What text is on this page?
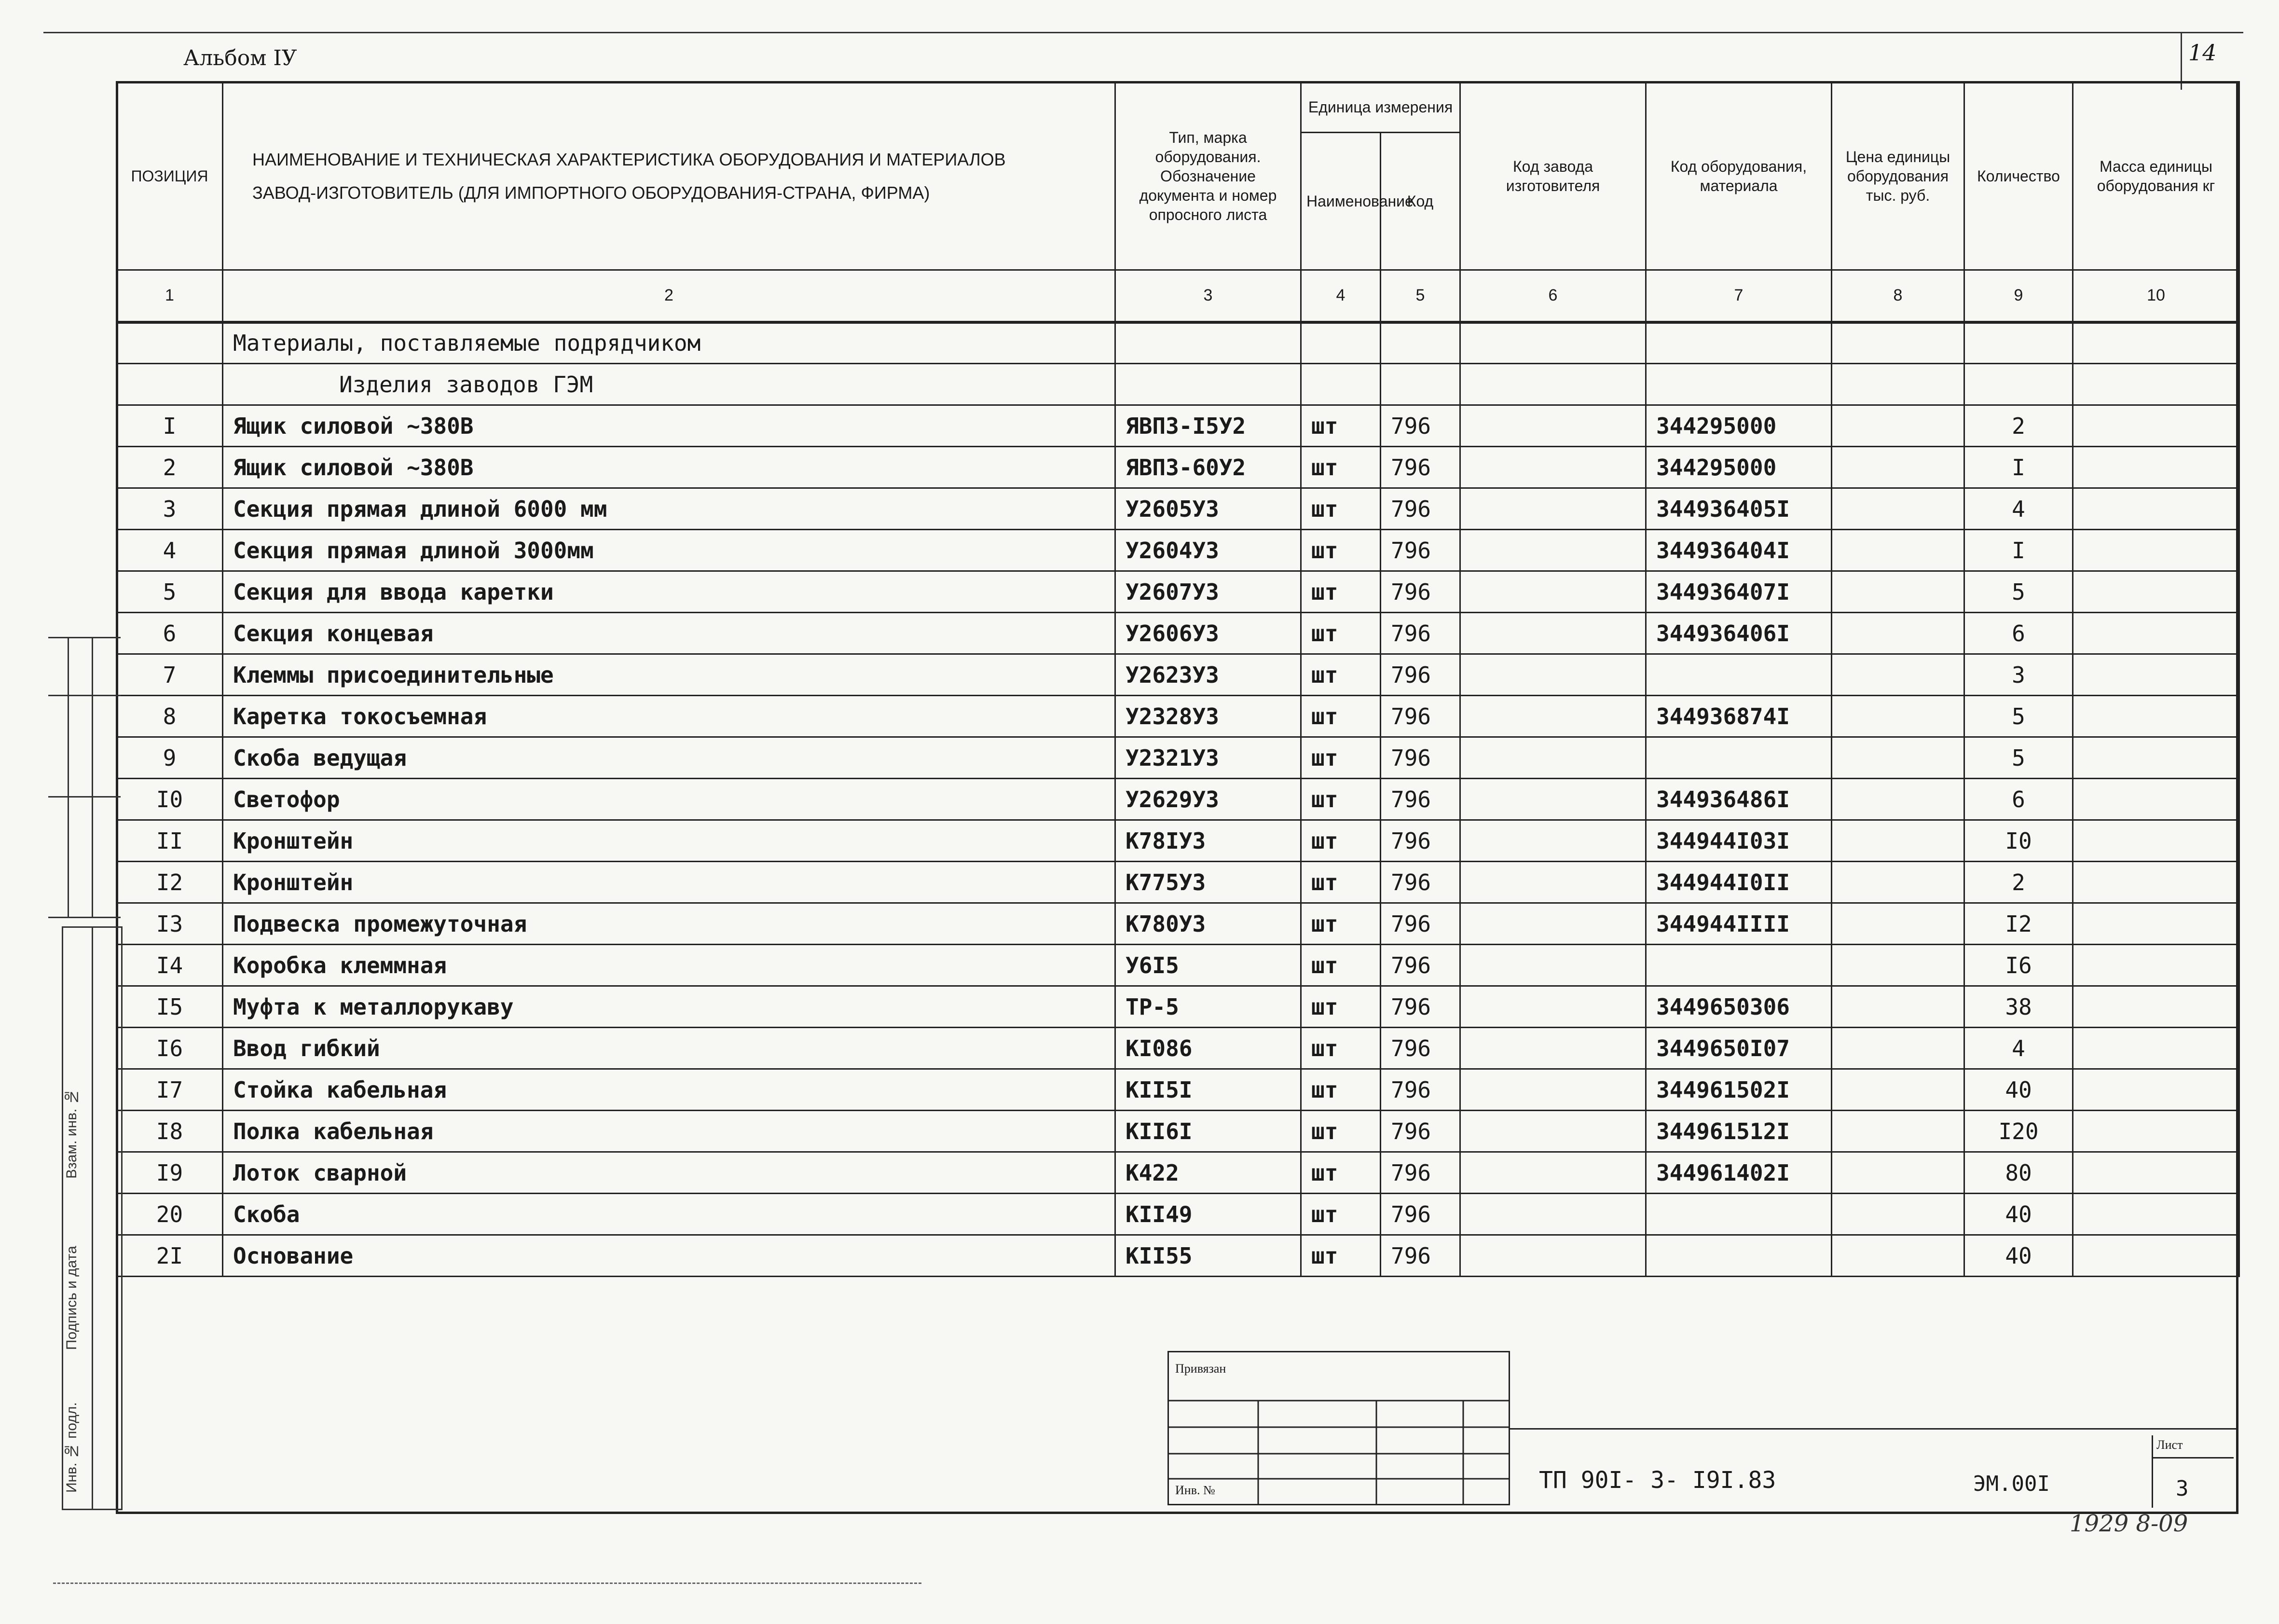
Альбом IУ	14
ПОЗИЦИЯ	НАИМЕНОВАНИЕ И ТЕХНИЧЕСКАЯ ХАРАКТЕРИСТИКА ОБОРУДОВАНИЯ И МАТЕРИАЛОВ
ЗАВОД-ИЗГОТОВИТЕЛЬ (ДЛЯ ИМПОРТНОГО ОБОРУДОВАНИЯ-СТРАНА, ФИРМА)	Тип, марка оборудования. Обозначение документа и номер опросного листа	Единица измерения		Код завода изготовителя	Код оборудования, материала	Цена единицы оборудования тыс. руб.	Количество	Масса единицы оборудования кг
			Наименование	Код					
1	2	3	4	5	6	7	8	9	10
	Материалы, поставляемые подрядчиком								
	Изделия заводов ГЭМ								
I	Ящик силовой ~380В	ЯВПЗ-I5У2	шт	796		344295000		2	
2	Ящик силовой ~380В	ЯВПЗ-60У2	шт	796		344295000		I	
3	Секция прямая длиной 6000 мм	У2605У3	шт	796		344936405I		4	
4	Секция прямая длиной 3000мм	У2604У3	шт	796		344936404I		I	
5	Секция для ввода каретки	У2607У3	шт	796		344936407I		5	
6	Секция концевая	У2606У3	шт	796		344936406I		6	
7	Клеммы присоединительные	У2623У3	шт	796				3	
8	Каретка токосъемная	У2328У3	шт	796		344936874I		5	
9	Скоба ведущая	У2321У3	шт	796				5	
I0	Светофор	У2629У3	шт	796		344936486I		6	
II	Кронштейн	К78IУ3	шт	796		344944I03I		I0	
I2	Кронштейн	К775У3	шт	796		344944I0II		2	
I3	Подвеска промежуточная	К780У3	шт	796		344944IIII		I2	
I4	Коробка клеммная	У6I5	шт	796				I6	
I5	Муфта к металлорукаву	ТР-5	шт	796		3449650306		38	
I6	Ввод гибкий	КI086	шт	796		3449650I07		4	
I7	Стойка кабельная	КII5I	шт	796		344961502I		40	
I8	Полка кабельная	КII6I	шт	796		344961512I		I20	
I9	Лоток сварной	К422	шт	796		344961402I		80	
20	Скоба	КII49	шт	796				40	
2I	Основание	КII55	шт	796				40	
Взам. инв. №
Подпись и дата
Инв. № подл.
Привязан
Инв. №	ТП 90I- 3- I9I.83	ЭМ.00I
Лист
3
1929 8-09
